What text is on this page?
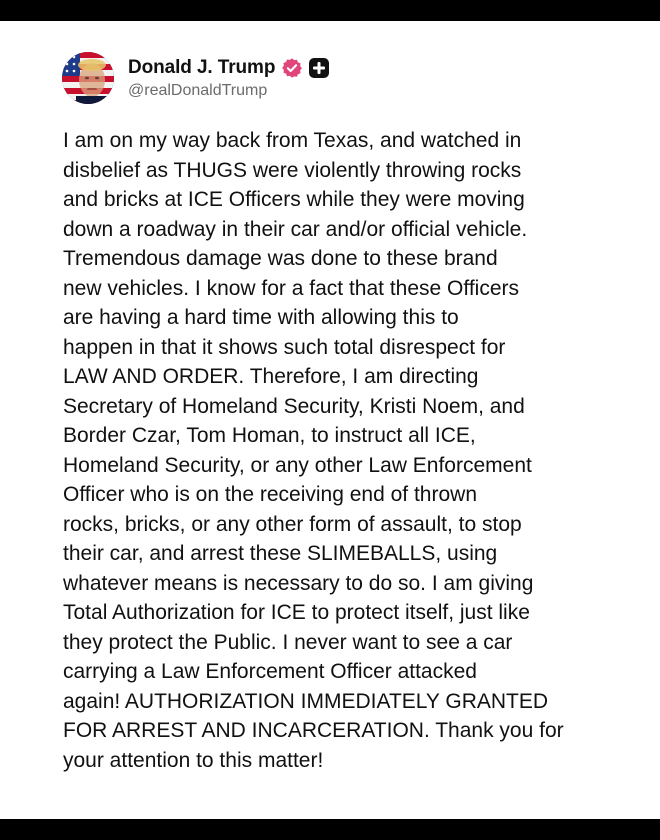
Donald J. Trump
@realDonaldTrump

I am on my way back from Texas, and watched in
disbelief as THUGS were violently throwing rocks
and bricks at ICE Officers while they were moving
down a roadway in their car and/or official vehicle.
Tremendous damage was done to these brand
new vehicles. I know for a fact that these Officers
are having a hard time with allowing this to
happen in that it shows such total disrespect for
LAW AND ORDER. Therefore, I am directing
Secretary of Homeland Security, Kristi Noem, and
Border Czar, Tom Homan, to instruct all ICE,
Homeland Security, or any other Law Enforcement
Officer who is on the receiving end of thrown
rocks, bricks, or any other form of assault, to stop
their car, and arrest these SLIMEBALLS, using
whatever means is necessary to do so. I am giving
Total Authorization for ICE to protect itself, just like
they protect the Public. I never want to see a car
carrying a Law Enforcement Officer attacked
again! AUTHORIZATION IMMEDIATELY GRANTED
FOR ARREST AND INCARCERATION. Thank you for
your attention to this matter!
